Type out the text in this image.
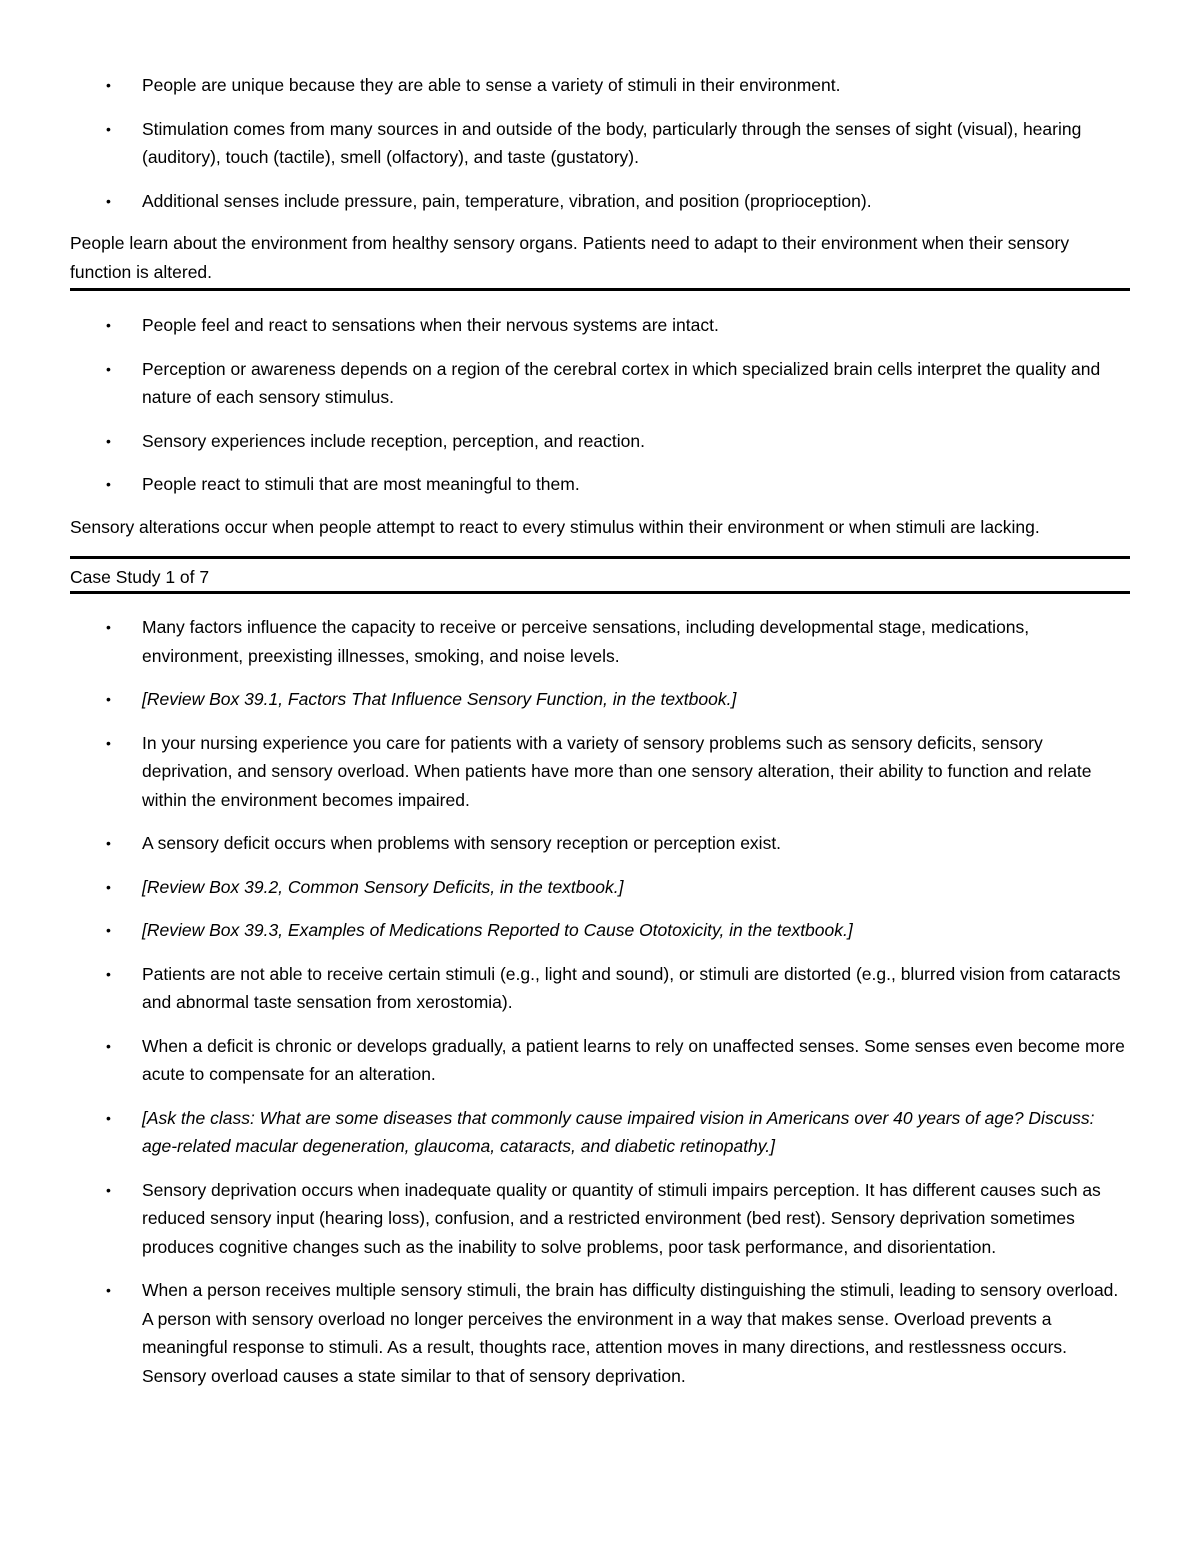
• People are unique because they are able to sense a variety of stimuli in their environment.
• Stimulation comes from many sources in and outside of the body, particularly through the senses of sight (visual), hearing (auditory), touch (tactile), smell (olfactory), and taste (gustatory).
• Additional senses include pressure, pain, temperature, vibration, and position (proprioception).

People learn about the environment from healthy sensory organs. Patients need to adapt to their environment when their sensory function is altered.

• People feel and react to sensations when their nervous systems are intact.
• Perception or awareness depends on a region of the cerebral cortex in which specialized brain cells interpret the quality and nature of each sensory stimulus.
• Sensory experiences include reception, perception, and reaction.
• People react to stimuli that are most meaningful to them.

Sensory alterations occur when people attempt to react to every stimulus within their environment or when stimuli are lacking.

Case Study 1 of 7

• Many factors influence the capacity to receive or perceive sensations, including developmental stage, medications, environment, preexisting illnesses, smoking, and noise levels.
• [Review Box 39.1, Factors That Influence Sensory Function, in the textbook.]
• In your nursing experience you care for patients with a variety of sensory problems such as sensory deficits, sensory deprivation, and sensory overload. When patients have more than one sensory alteration, their ability to function and relate within the environment becomes impaired.
• A sensory deficit occurs when problems with sensory reception or perception exist.
• [Review Box 39.2, Common Sensory Deficits, in the textbook.]
• [Review Box 39.3, Examples of Medications Reported to Cause Ototoxicity, in the textbook.]
• Patients are not able to receive certain stimuli (e.g., light and sound), or stimuli are distorted (e.g., blurred vision from cataracts and abnormal taste sensation from xerostomia).
• When a deficit is chronic or develops gradually, a patient learns to rely on unaffected senses. Some senses even become more acute to compensate for an alteration.
• [Ask the class: What are some diseases that commonly cause impaired vision in Americans over 40 years of age? Discuss: age-related macular degeneration, glaucoma, cataracts, and diabetic retinopathy.]
• Sensory deprivation occurs when inadequate quality or quantity of stimuli impairs perception. It has different causes such as reduced sensory input (hearing loss), confusion, and a restricted environment (bed rest). Sensory deprivation sometimes produces cognitive changes such as the inability to solve problems, poor task performance, and disorientation.
• When a person receives multiple sensory stimuli, the brain has difficulty distinguishing the stimuli, leading to sensory overload. A person with sensory overload no longer perceives the environment in a way that makes sense. Overload prevents a meaningful response to stimuli. As a result, thoughts race, attention moves in many directions, and restlessness occurs. Sensory overload causes a state similar to that of sensory deprivation.
